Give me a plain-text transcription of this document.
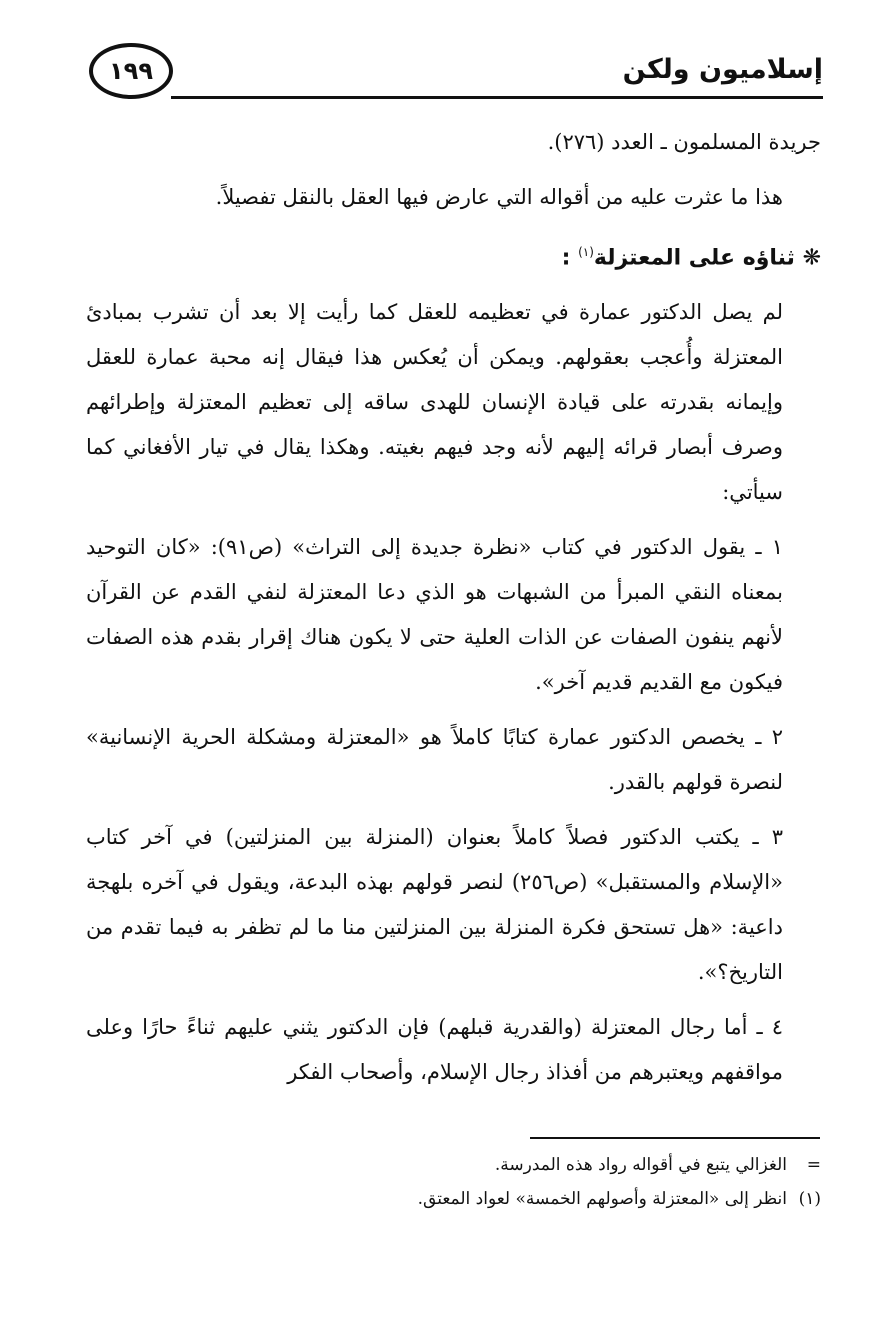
١٩٩	إسلاميون ولكن

جريدة المسلمون ـ العدد (٢٧٦).

هذا ما عثرت عليه من أقواله التي عارض فيها العقل بالنقل تفصيلاً.

❋ ثناؤه على المعتزلة$^{(١)}$ :

لم يصل الدكتور عمارة في تعظيمه للعقل كما رأيت إلا بعد أن تشرب بمبادئ المعتزلة وأُعجب بعقولهم. ويمكن أن يُعكس هذا فيقال إنه محبة عمارة للعقل وإيمانه بقدرته على قيادة الإنسان للهدى ساقه إلى تعظيم المعتزلة وإطرائهم وصرف أبصار قرائه إليهم لأنه وجد فيهم بغيته. وهكذا يقال في تيار الأفغاني كما سيأتي:

١ ـ يقول الدكتور في كتاب «نظرة جديدة إلى التراث» (ص٩١): «كان التوحيد بمعناه النقي المبرأ من الشبهات هو الذي دعا المعتزلة لنفي القدم عن القرآن لأنهم ينفون الصفات عن الذات العلية حتى لا يكون هناك إقرار بقدم هذه الصفات فيكون مع القديم قديم آخر».

٢ ـ يخصص الدكتور عمارة كتابًا كاملاً هو «المعتزلة ومشكلة الحرية الإنسانية» لنصرة قولهم بالقدر.

٣ ـ يكتب الدكتور فصلاً كاملاً بعنوان (المنزلة بين المنزلتين) في آخر كتاب «الإسلام والمستقبل» (ص٢٥٦) لنصر قولهم بهذه البدعة، ويقول في آخره بلهجة داعية: «هل تستحق فكرة المنزلة بين المنزلتين منا ما لم تظفر به فيما تقدم من التاريخ؟».

٤ ـ أما رجال المعتزلة (والقدرية قبلهم) فإن الدكتور يثني عليهم ثناءً حارًا وعلى مواقفهم ويعتبرهم من أفذاذ رجال الإسلام، وأصحاب الفكر

=الغزالي يتبع في أقواله رواد هذه المدرسة.
(١)انظر إلى «المعتزلة وأصولهم الخمسة» لعواد المعتق.
